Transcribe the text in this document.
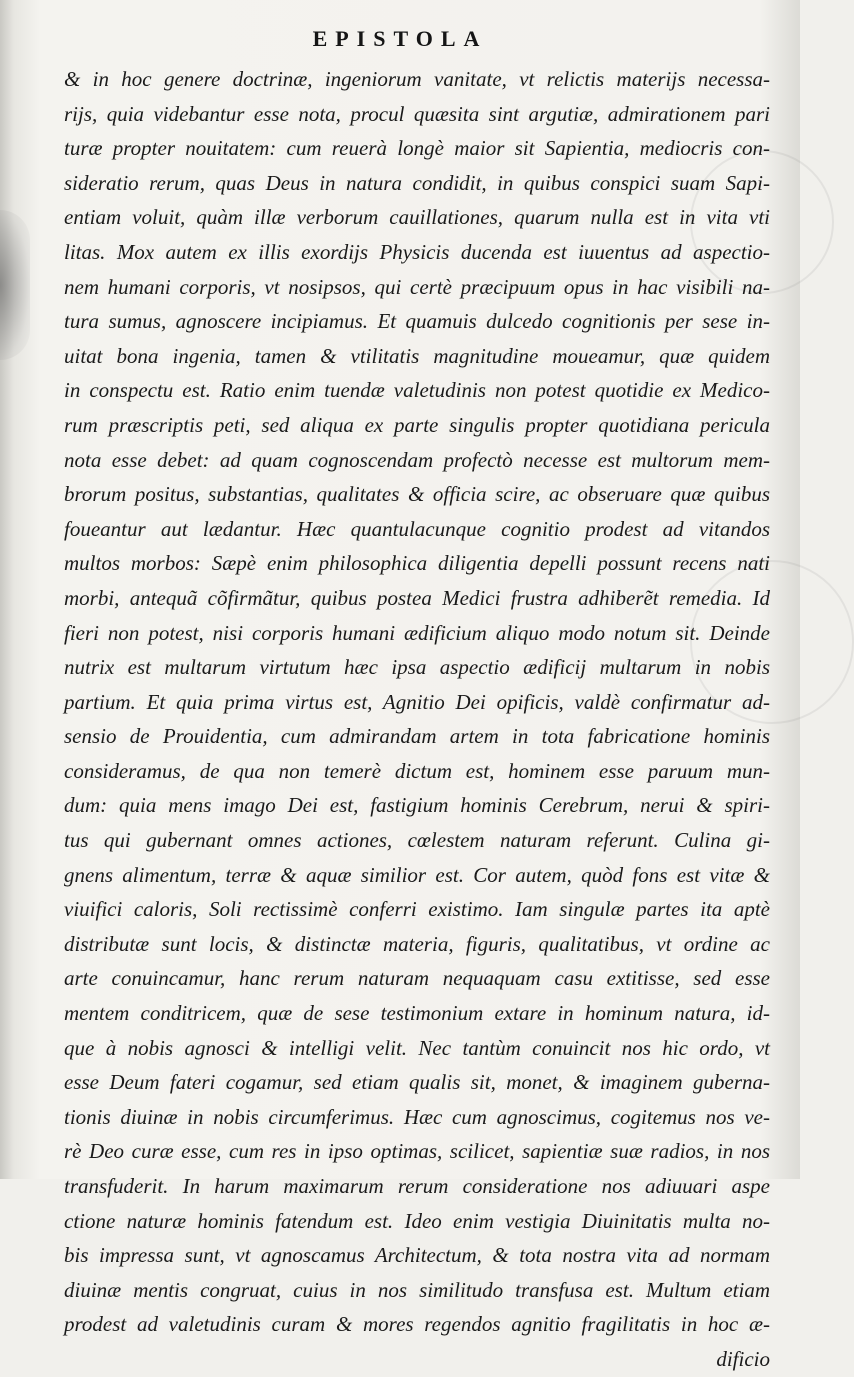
EPISTOLA
& in hoc genere doctrinæ, ingeniorum vanitate, vt relictis materijs necessa-
rijs, quia videbantur esse nota, procul quæsita sint argutiæ, admirationem pari
turæ propter nouitatem: cum reuerà longè maior sit Sapientia, mediocris con-
sideratio rerum, quas Deus in natura condidit, in quibus conspici suam Sapi-
entiam voluit, quàm illæ verborum cauillationes, quarum nulla est in vita vti
litas. Mox autem ex illis exordijs Physicis ducenda est iuuentus ad aspectio-
nem humani corporis, vt nosipsos, qui certè præcipuum opus in hac visibili na-
tura sumus, agnoscere incipiamus. Et quamuis dulcedo cognitionis per sese in-
uitat bona ingenia, tamen & vtilitatis magnitudine moueamur, quæ quidem
in conspectu est. Ratio enim tuendæ valetudinis non potest quotidie ex Medico-
rum præscriptis peti, sed aliqua ex parte singulis propter quotidiana pericula
nota esse debet: ad quam cognoscendam profectò necesse est multorum mem-
brorum positus, substantias, qualitates & officia scire, ac obseruare quæ quibus
foueantur aut lædantur. Hæc quantulacunque cognitio prodest ad vitandos
multos morbos: Sæpè enim philosophica diligentia depelli possunt recens nati
morbi, antequã cõfirmãtur, quibus postea Medici frustra adhiberẽt remedia. Id
fieri non potest, nisi corporis humani ædificium aliquo modo notum sit. Deinde
nutrix est multarum virtutum hæc ipsa aspectio ædificij multarum in nobis
partium. Et quia prima virtus est, Agnitio Dei opificis, valdè confirmatur ad-
sensio de Prouidentia, cum admirandam artem in tota fabricatione hominis
consideramus, de qua non temerè dictum est, hominem esse paruum mun-
dum: quia mens imago Dei est, fastigium hominis Cerebrum, nerui & spiri-
tus qui gubernant omnes actiones, cœlestem naturam referunt. Culina gi-
gnens alimentum, terræ & aquæ similior est. Cor autem, quòd fons est vitæ &
viuifici caloris, Soli rectissimè conferri existimo. Iam singulæ partes ita aptè
distributæ sunt locis, & distinctæ materia, figuris, qualitatibus, vt ordine ac
arte conuincamur, hanc rerum naturam nequaquam casu extitisse, sed esse
mentem conditricem, quæ de sese testimonium extare in hominum natura, id-
que à nobis agnosci & intelligi velit. Nec tantùm conuincit nos hic ordo, vt
esse Deum fateri cogamur, sed etiam qualis sit, monet, & imaginem guberna-
tionis diuinæ in nobis circumferimus. Hæc cum agnoscimus, cogitemus nos ve-
rè Deo curæ esse, cum res in ipso optimas, scilicet, sapientiæ suæ radios, in nos
transfuderit. In harum maximarum rerum consideratione nos adiuuari aspe
ctione naturæ hominis fatendum est. Ideo enim vestigia Diuinitatis multa no-
bis impressa sunt, vt agnoscamus Architectum, & tota nostra vita ad normam
diuinæ mentis congruat, cuius in nos similitudo transfusa est. Multum etiam
prodest ad valetudinis curam & mores regendos agnitio fragilitatis in hoc æ-
dificio
